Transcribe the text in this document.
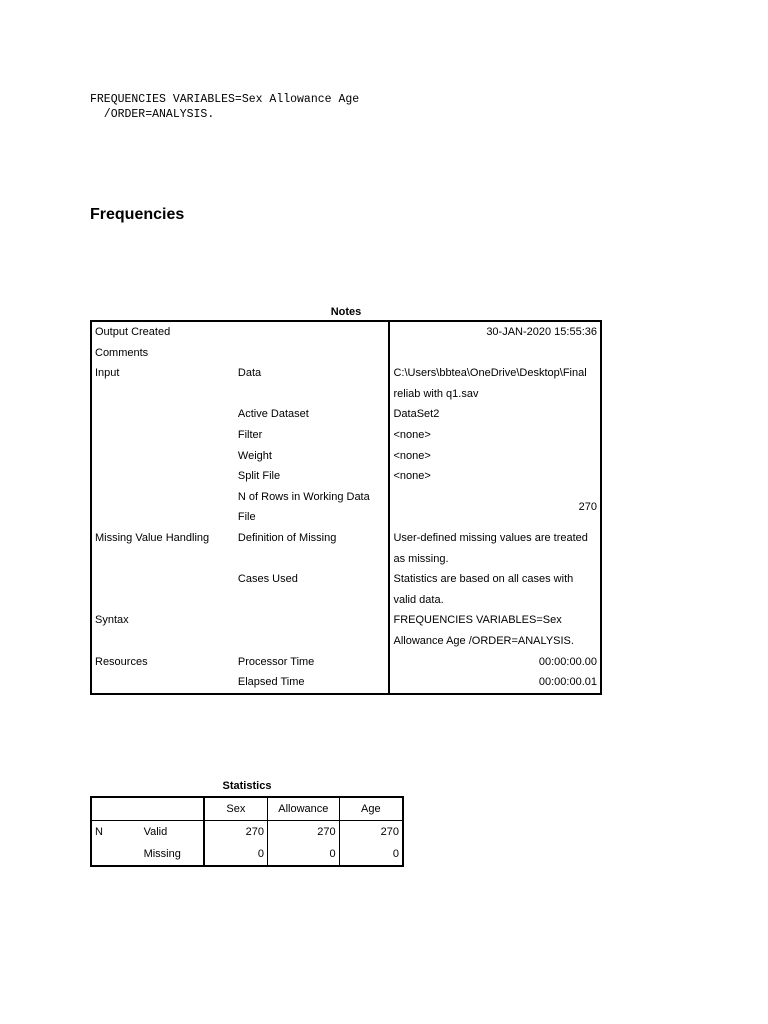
FREQUENCIES VARIABLES=Sex Allowance Age
/ORDER=ANALYSIS.
Frequencies
Notes
Output Created		30-JAN-2020 15:55:36
Comments		
Input	Data	C:\Users\bbtea\OneDrive\Desktop\Final reliab with q1.sav
	Active Dataset	DataSet2
	Filter	<none>
	Weight	<none>
	Split File	<none>
	N of Rows in Working Data File	270
Missing Value Handling	Definition of Missing	User-defined missing values are treated as missing.
	Cases Used	Statistics are based on all cases with valid data.
Syntax		FREQUENCIES VARIABLES=Sex Allowance Age /ORDER=ANALYSIS.
Resources	Processor Time	00:00:00.00
	Elapsed Time	00:00:00.01
Statistics
		Sex	Allowance	Age
N	Valid	270	270	270
	Missing	0	0	0
